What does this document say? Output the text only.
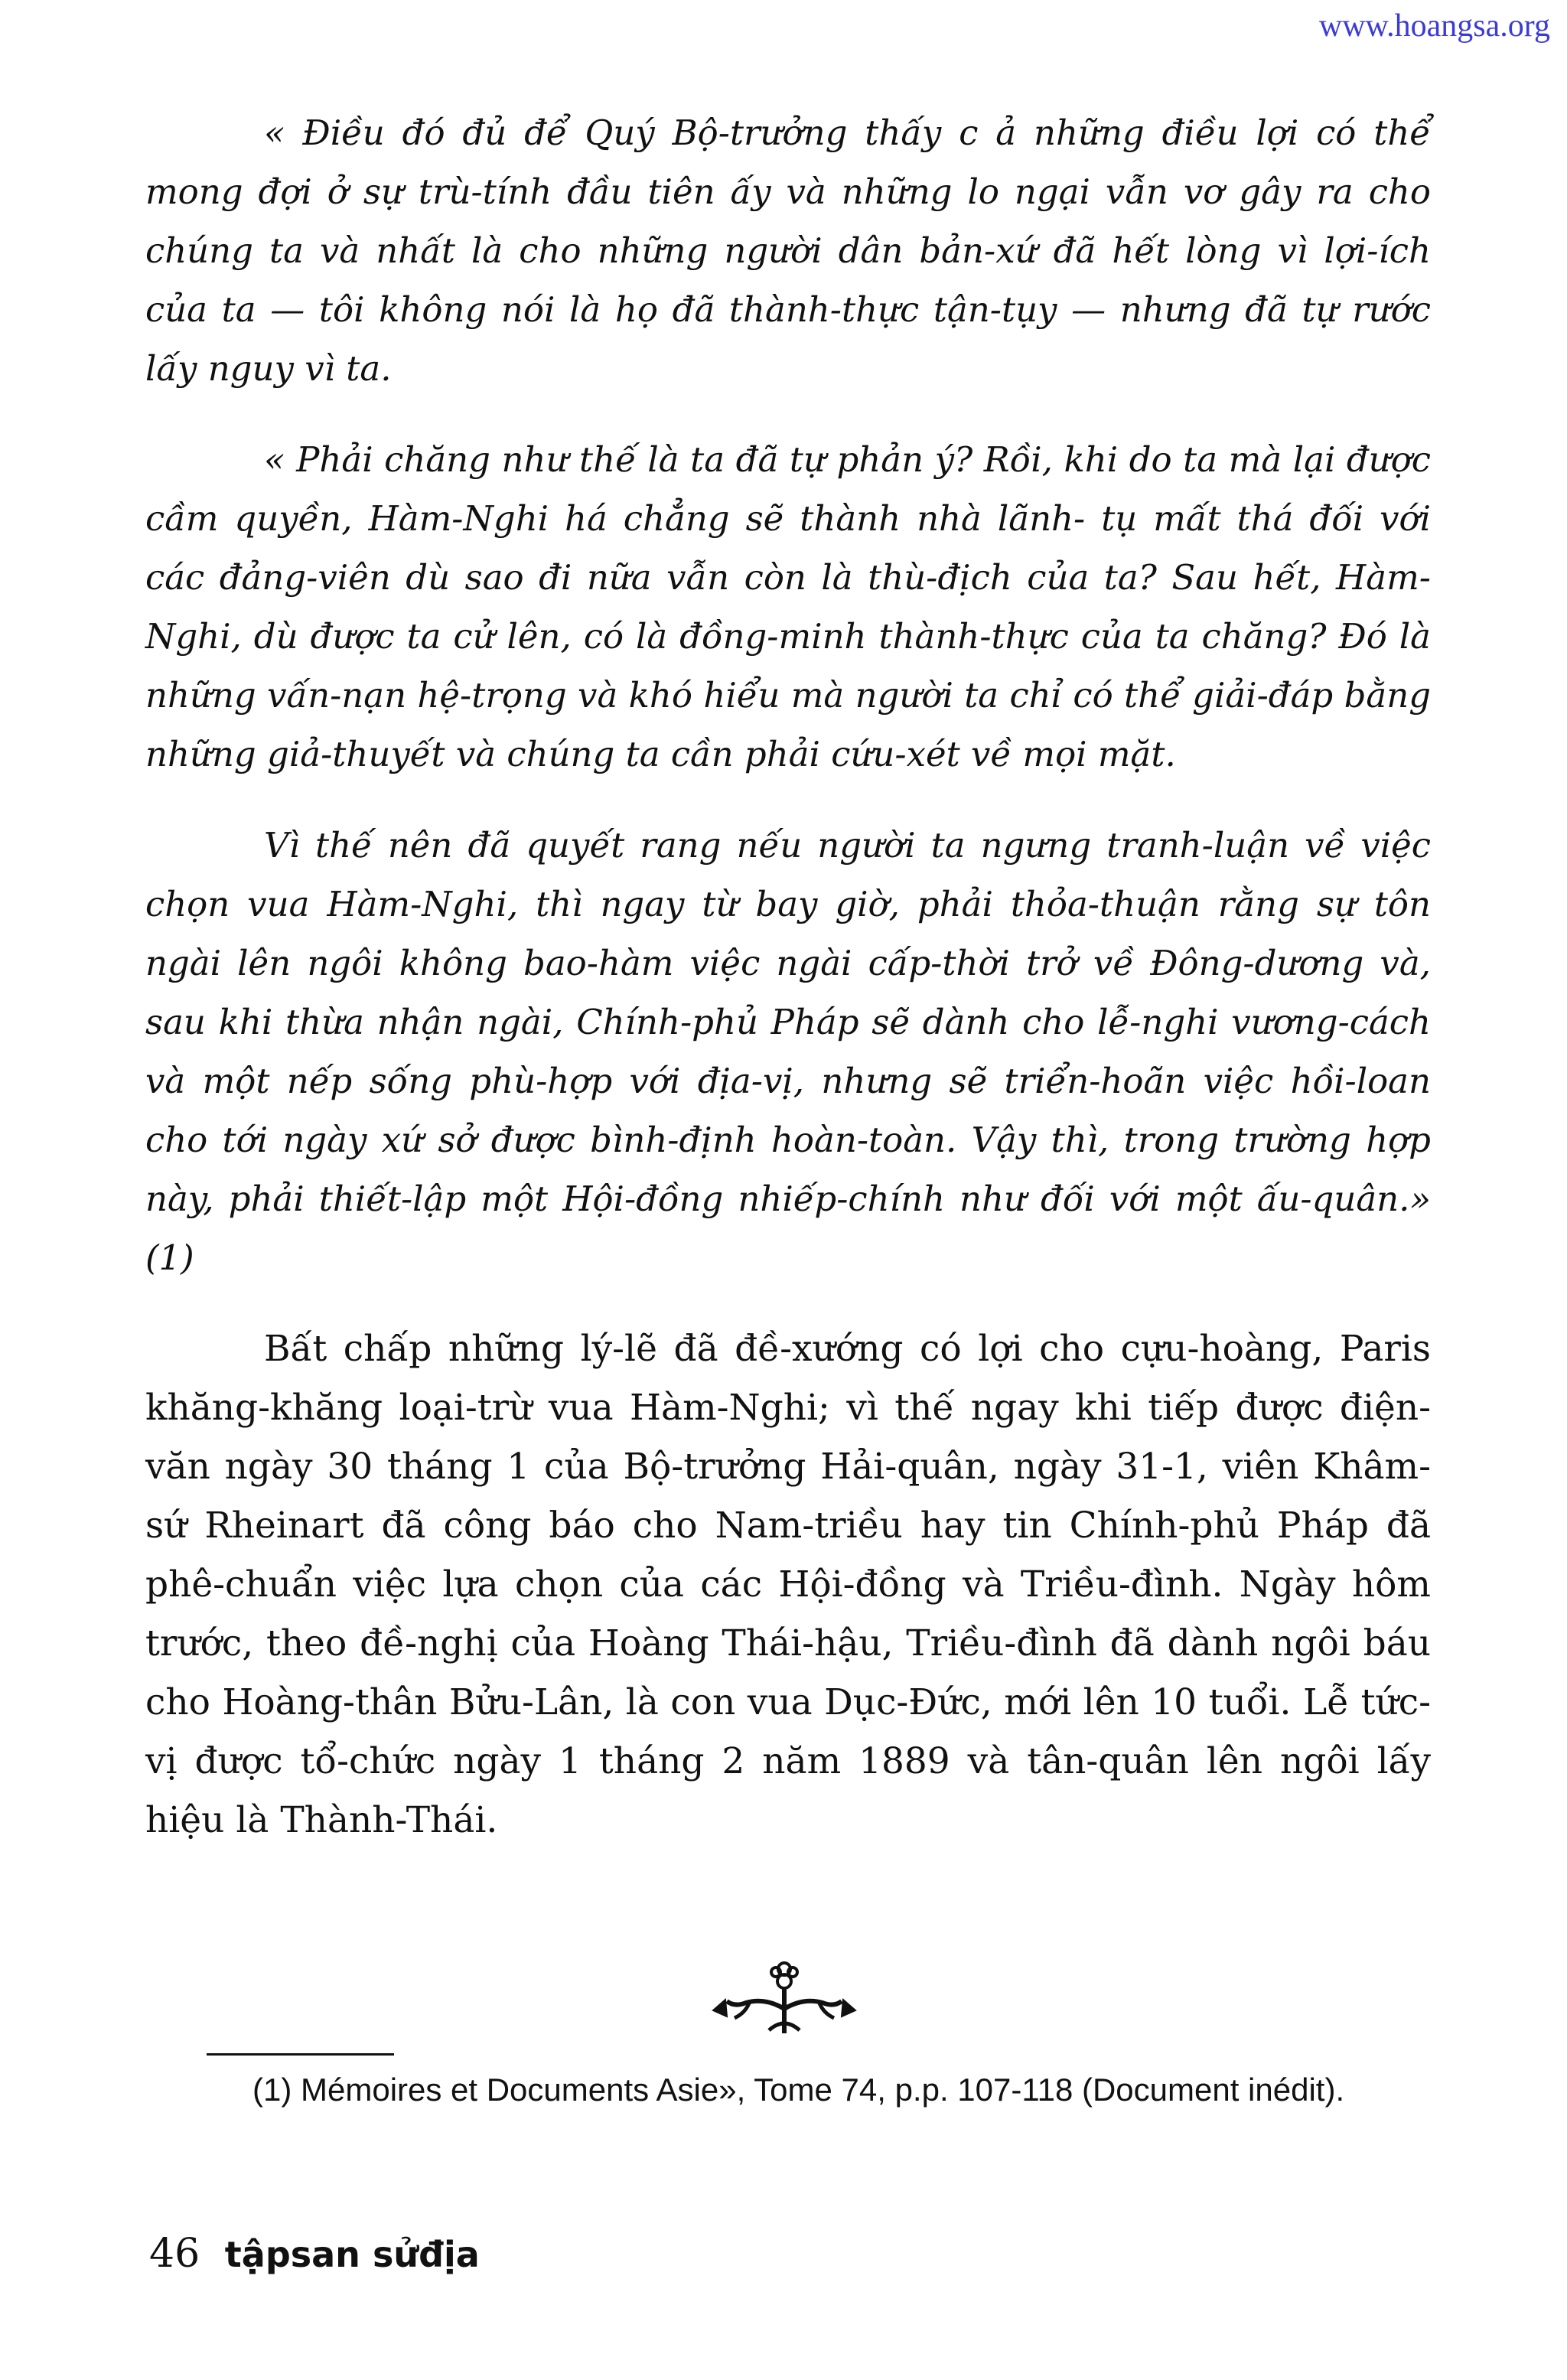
www.hoangsa.org

« Điều đó đủ để Quý Bộ-trưởng thấy c ả những điều lợi có thể mong đợi ở sự trù-tính đầu tiên ấy và những lo ngại vẫn vơ gây ra cho chúng ta và nhất là cho những người dân bản-xứ đã hết lòng vì lợi-ích của ta — tôi không nói là họ đã thành-thực tận-tụy — nhưng đã tự rước lấy nguy vì ta.

« Phải chăng như thế là ta đã tự phản ý? Rồi, khi do ta mà lại được cầm quyền, Hàm-Nghi há chẳng sẽ thành nhà lãnh- tụ mất thá đối với các đảng-viên dù sao đi nữa vẫn còn là thù-địch của ta? Sau hết, Hàm-Nghi, dù được ta cử lên, có là đồng-minh thành-thực của ta chăng? Đó là những vấn-nạn hệ-trọng và khó hiểu mà người ta chỉ có thể giải-đáp bằng những giả-thuyết và chúng ta cần phải cứu-xét về mọi mặt.

Vì thế nên đã quyết rang nếu người ta ngưng tranh-luận về việc chọn vua Hàm-Nghi, thì ngay từ bay giờ, phải thỏa-thuận rằng sự tôn ngài lên ngôi không bao-hàm việc ngài cấp-thời trở về Đông-dương và, sau khi thừa nhận ngài, Chính-phủ Pháp sẽ dành cho lễ-nghi vương-cách và một nếp sống phù-hợp với địa-vị, nhưng sẽ triển-hoãn việc hồi-loan cho tới ngày xứ sở được bình-định hoàn-toàn. Vậy thì, trong trường hợp này, phải thiết-lập một Hội-đồng nhiếp-chính như đối với một ấu-quân.» (1)

Bất chấp những lý-lẽ đã đề-xướng có lợi cho cựu-hoàng, Paris khăng-khăng loại-trừ vua Hàm-Nghi; vì thế ngay khi tiếp được điện-văn ngày 30 tháng 1 của Bộ-trưởng Hải-quân, ngày 31-1, viên Khâm-sứ Rheinart đã công báo cho Nam-triều hay tin Chính-phủ Pháp đã phê-chuẩn việc lựa chọn của các Hội-đồng và Triều-đình. Ngày hôm trước, theo đề-nghị của Hoàng Thái-hậu, Triều-đình đã dành ngôi báu cho Hoàng-thân Bửu-Lân, là con vua Dục-Đức, mới lên 10 tuổi. Lễ tức-vị được tổ-chức ngày 1 tháng 2 năm 1889 và tân-quân lên ngôi lấy hiệu là Thành-Thái.

(1) Mémoires et Documents Asie», Tome 74, p.p. 107-118 (Document inédit).

46 tậpsan sửđịa
